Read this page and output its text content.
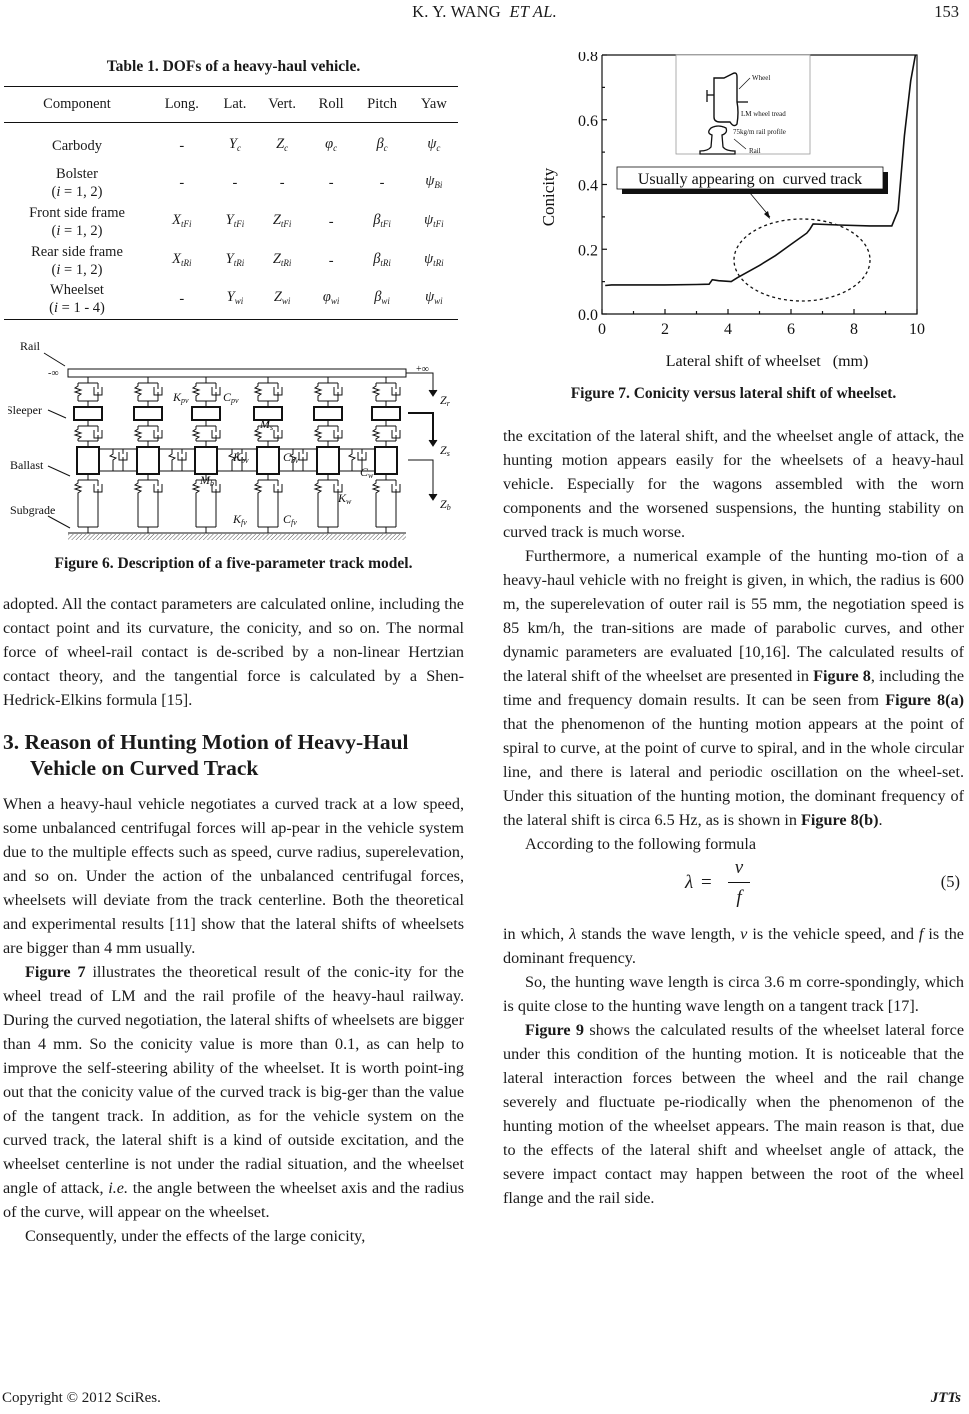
K. Y. WANG ET AL.	153
Table 1. DOFs of a heavy-haul vehicle.
Component	Long.	Lat.	Vert.	Roll	Pitch	Yaw
Carbody	-	$Y_c$	$Z_c$	$\varphi_c$	$\beta_c$	$\psi_c$
Bolster
(i = 1, 2)	-	-	-	-	-	$\psi_{Bi}$
Front side frame
(i = 1, 2)	$X_{tFi}$	$Y_{tFi}$	$Z_{tFi}$	-	$\beta_{tFi}$	$\psi_{tFi}$
Rear side frame
(i = 1, 2)	$X_{tRi}$	$Y_{tRi}$	$Z_{tRi}$	-	$\beta_{tRi}$	$\psi_{tRi}$
Wheelset
(i = 1 - 4)	-	$Y_{wi}$	$Z_{wi}$	$\varphi_{wi}$	$\beta_{wi}$	$\psi_{wi}$
Rail
Sleeper
Ballast
Subgrade
-∞	+∞
Kpv	Cpv
Ms
Kbv	Cbv
Mb
Cw
Kw
Kfv	Cfv
Zr
Zs
Zb
Figure 6. Description of a five-parameter track model.
0	2	4	6	8	10
0.0
0.2
0.4
0.6
0.8
Conicity
Lateral shift of wheelset   (mm)
Wheel
LM wheel tread
75kg/m rail profile
Rail
Usually appearing on  curved track
Figure 7. Conicity versus lateral shift of wheelset.

adopted. All the contact parameters are calculated online, including the contact point and its curvature, the conicity, and so on. The normal force of wheel-rail contact is de-scribed by a non-linear Hertzian contact theory, and the tangential force is calculated by a Shen-Hedrick-Elkins formula [15].

3. Reason of Hunting Motion of Heavy-Haul
Vehicle on Curved Track

When a heavy-haul vehicle negotiates a curved track at a low speed, some unbalanced centrifugal forces will ap-pear in the vehicle system due to the multiple effects such as speed, curve radius, superelevation, and so on. Under the action of the unbalanced centrifugal forces, wheelsets will deviate from the track centerline. Both the theoretical and experimental results [11] show that the lateral shifts of wheelsets are bigger than 4 mm usually.

Figure 7 illustrates the theoretical result of the conic-ity for the wheel tread of LM and the rail profile of the heavy-haul railway. During the curved negotiation, the lateral shifts of wheelsets are bigger than 4 mm. So the conicity value is more than 0.1, as can help to improve the self-steering ability of the wheelset. It is worth point-ing out that the conicity value of the curved track is big-ger than the value of the tangent track. In addition, as for the vehicle system on the curved track, the lateral shift is a kind of outside excitation, and the wheelset centerline is not under the radial situation, and the wheelset angle of attack, i.e. the angle between the wheelset axis and the radius of the curve, will appear on the wheelset.

Consequently, under the effects of the large conicity,

the excitation of the lateral shift, and the wheelset angle of attack, the hunting motion appears easily for the wheelsets of a heavy-haul vehicle. Especially for the wagons assembled with the worn components and the worsened suspensions, the hunting stability on curved track is much worse.

Furthermore, a numerical example of the hunting mo-tion of a heavy-haul vehicle with no freight is given, in which, the radius is 600 m, the superelevation of outer rail is 55 mm, the negotiation speed is 85 km/h, the tran-sitions are made of parabolic curves, and other dynamic parameters are evaluated [10,16]. The calculated results of the lateral shift of the wheelset are presented in Figure 8, including the time and frequency domain results. It can be seen from Figure 8(a) that the phenomenon of the hunting motion appears at the point of spiral to curve, at the point of curve to spiral, and in the whole circular line, and there is lateral and periodic oscillation on the wheel-set. Under this situation of the hunting motion, the dominant frequency of the lateral shift is circa 6.5 Hz, as is shown in Figure 8(b).

According to the following formula

$\lambda = \frac{v}{f}$	(5)

in which, λ stands the wave length, v is the vehicle speed, and f is the dominant frequency.

So, the hunting wave length is circa 3.6 m corre-spondingly, which is quite close to the hunting wave length on a tangent track [17].

Figure 9 shows the calculated results of the wheelset lateral force under this condition of the hunting motion. It is noticeable that the lateral interaction forces between the wheel and the rail change severely and fluctuate pe-riodically when the phenomenon of the hunting motion of the wheelset appears. The main reason is that, due to the effects of the lateral shift and wheelset angle of attack, the severe impact contact may happen between the root of the wheel flange and the rail side.

Copyright © 2012 SciRes.	JTTs
